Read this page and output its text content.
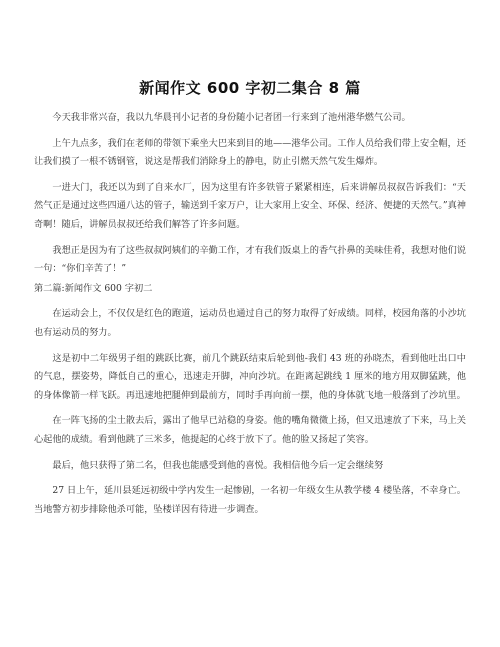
新闻作文 600 字初二集合 8 篇

今天我非常兴奋，我以九华晨刊小记者的身份随小记者团一行来到了池州港华燃气公司。

上午九点多，我们在老师的带领下乘坐大巴来到目的地——港华公司。工作人员给我们带上安全帽，还让我们摸了一根不锈钢管，说这是帮我们消除身上的静电，防止引燃天然气发生爆炸。

一进大门，我还以为到了自来水厂，因为这里有许多铁管子紧紧相连，后来讲解员叔叔告诉我们：“天然气正是通过这些四通八达的管子，输送到千家万户，让大家用上安全、环保、经济、便捷的天然气。”真神奇啊！随后，讲解员叔叔还给我们解答了许多问题。

我想正是因为有了这些叔叔阿姨们的辛勤工作，才有我们饭桌上的香气扑鼻的美味佳肴，我想对他们说一句：“你们辛苦了！”

第二篇:新闻作文 600 字初二

在运动会上，不仅仅是红色的跑道，运动员也通过自己的努力取得了好成绩。同样，校园角落的小沙坑也有运动员的努力。

这是初中二年级男子组的跳跃比赛，前几个跳跃结束后轮到他-我们 43 班的孙晓杰，看到他吐出口中的气息，摆姿势，降低自己的重心，迅速走开脚，冲向沙坑。在距离起跳线 1 厘米的地方用双脚猛跳，他的身体像箭一样飞跃。再迅速地把腿伸到最前方，同时手再向前一摆，他的身体就飞地一般落到了沙坑里。

在一阵飞扬的尘土散去后，露出了他早已站稳的身姿。他的嘴角微微上扬，但又迅速放了下来，马上关心起他的成绩。看到他跳了三米多，他提起的心终于放下了。他的脸又扬起了笑容。

最后，他只获得了第二名，但我也能感受到他的喜悦。我相信他今后一定会继续努

27 日上午，延川县延远初级中学内发生一起惨剧，一名初一年级女生从教学楼 4 楼坠落，不幸身亡。当地警方初步排除他杀可能，坠楼详因有待进一步调查。
